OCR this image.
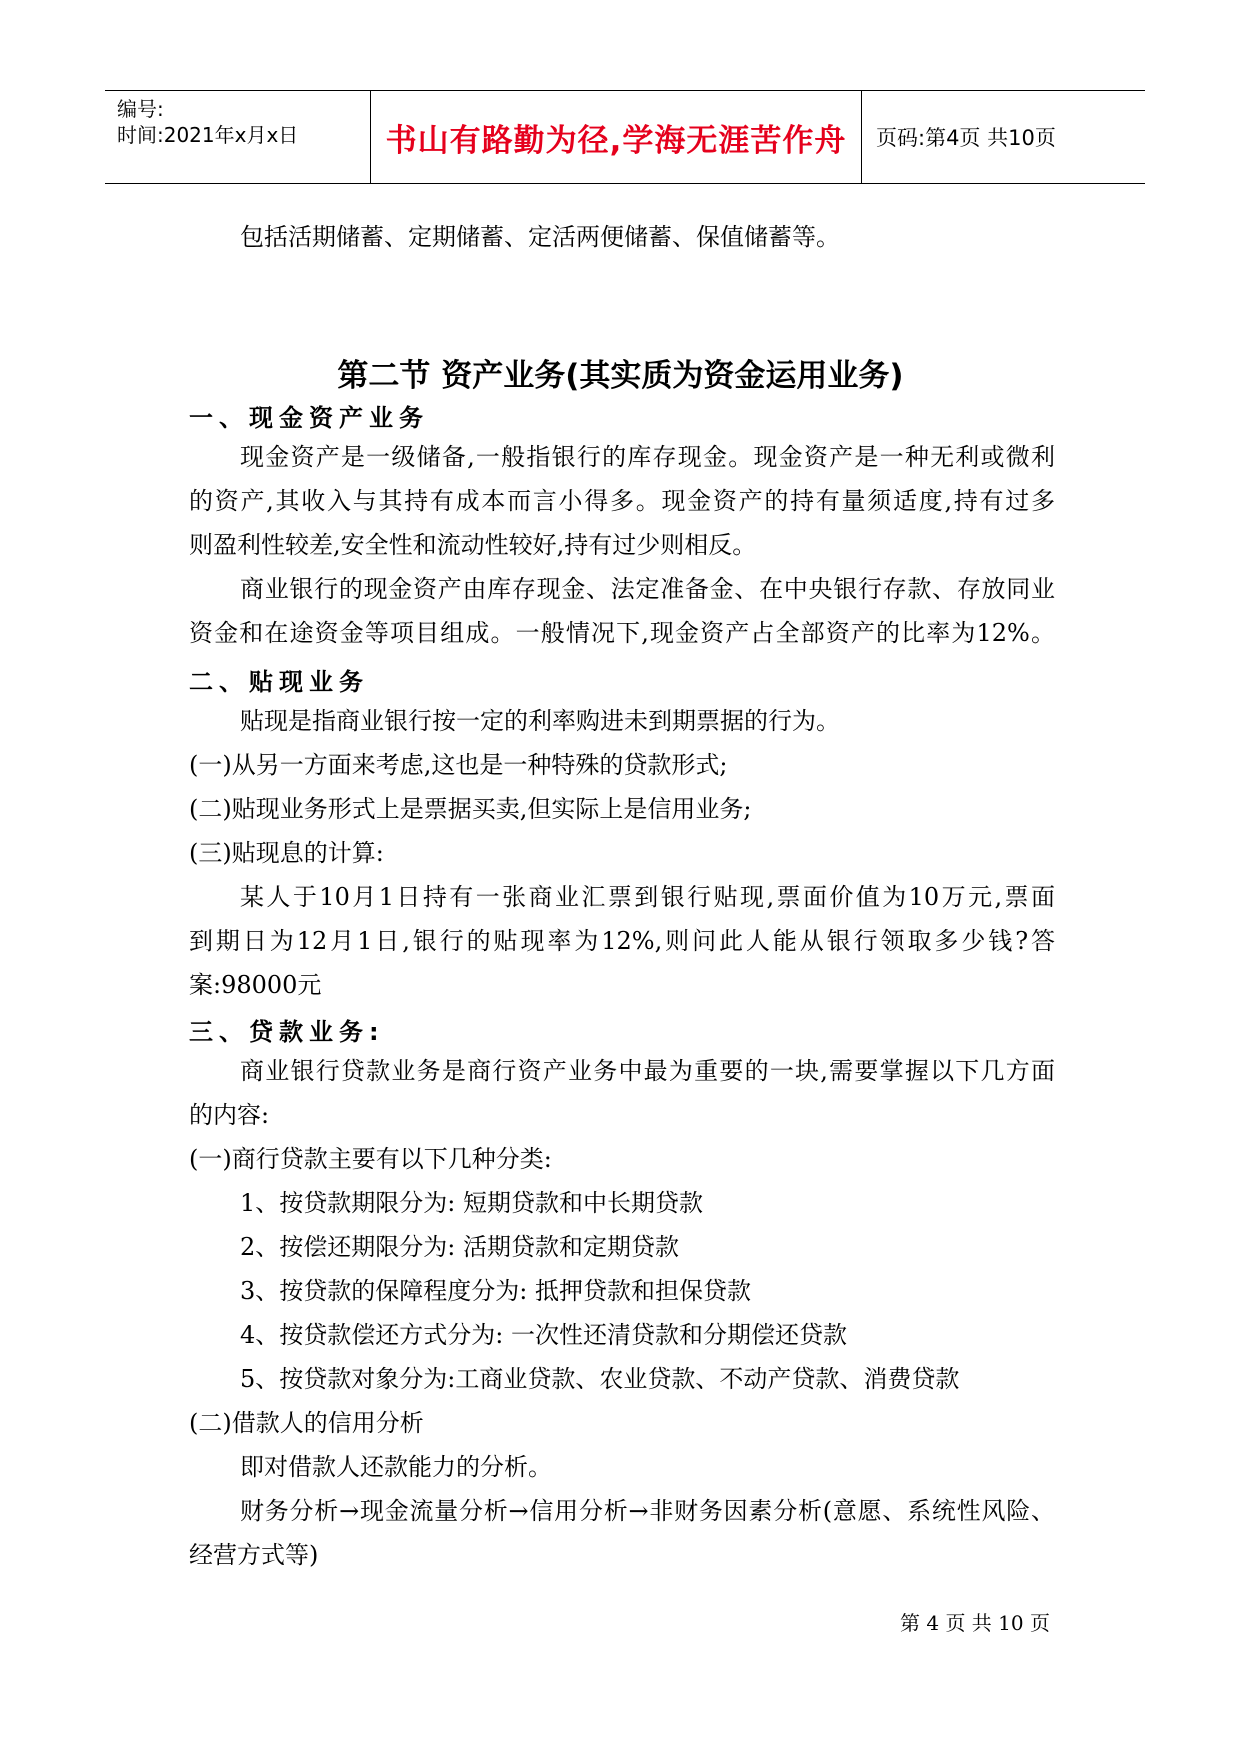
编号:
时间:2021年x月x日	书山有路勤为径,学海无涯苦作舟 页码:第4页 共10页
包括活期储蓄、定期储蓄、定活两便储蓄、保值储蓄等。
第二节 资产业务(其实质为资金运用业务)
一、现金资产业务
现金资产是一级储备,一般指银行的库存现金。现金资产是一种无利或微利
的资产,其收入与其持有成本而言小得多。现金资产的持有量须适度,持有过多
则盈利性较差,安全性和流动性较好,持有过少则相反。
商业银行的现金资产由库存现金、法定准备金、在中央银行存款、存放同业
资金和在途资金等项目组成。一般情况下,现金资产占全部资产的比率为12%。
二、贴现业务
贴现是指商业银行按一定的利率购进未到期票据的行为。
(一)从另一方面来考虑,这也是一种特殊的贷款形式;
(二)贴现业务形式上是票据买卖,但实际上是信用业务;
(三)贴现息的计算:
某人于10月1日持有一张商业汇票到银行贴现,票面价值为10万元,票面
到期日为12月1日,银行的贴现率为12%,则问此人能从银行领取多少钱?答
案:98000元
三、贷款业务:
商业银行贷款业务是商行资产业务中最为重要的一块,需要掌握以下几方面
的内容:
(一)商行贷款主要有以下几种分类:
1、按贷款期限分为: 短期贷款和中长期贷款
2、按偿还期限分为: 活期贷款和定期贷款
3、按贷款的保障程度分为: 抵押贷款和担保贷款
4、按贷款偿还方式分为: 一次性还清贷款和分期偿还贷款
5、按贷款对象分为:工商业贷款、农业贷款、不动产贷款、消费贷款
(二)借款人的信用分析
即对借款人还款能力的分析。
财务分析→现金流量分析→信用分析→非财务因素分析(意愿、系统性风险、
经营方式等)
第 4 页 共 10 页
